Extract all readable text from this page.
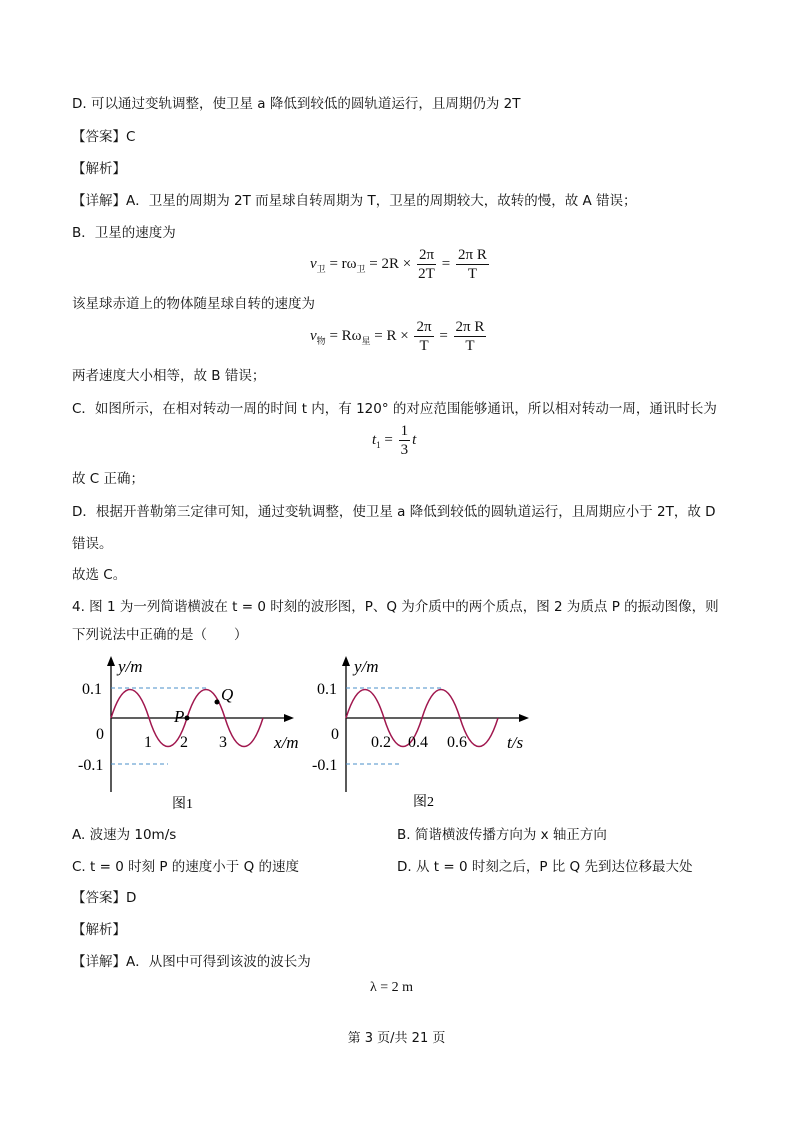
D. 可以通过变轨调整，使卫星 a 降低到较低的圆轨道运行，且周期仍为 2T
【答案】C
【解析】
【详解】A．卫星的周期为 2T 而星球自转周期为 T，卫星的周期较大，故转的慢，故 A 错误；
B．卫星的速度为
$v_卫 = r\omega_卫 = 2R \times \frac{2\pi}{2T} = \frac{\text{2π R}}{T}$
该星球赤道上的物体随星球自转的速度为
$v_物 = R\omega_星 = R \times \frac{2\pi}{T} = \frac{\text{2π R}}{T}$
两者速度大小相等，故 B 错误；
C．如图所示，在相对转动一周的时间 t 内，有 120° 的对应范围能够通讯，所以相对转动一周，通讯时长为
$t_1 = \frac{1}{3}$ t
故 C 正确；
D．根据开普勒第三定律可知，通过变轨调整，使卫星 a 降低到较低的圆轨道运行，且周期应小于 2T，故 D
错误。
故选 C。
4. 图 1 为一列简谐横波在 t = 0 时刻的波形图，P、Q 为介质中的两个质点，图 2 为质点 P 的振动图像，则
下列说法中正确的是（　　）
y/m
x/m
0.1
0
-0.1
1 2 3
P
Q
图1
y/m
t/s
0.1
0
-0.1
0.2 0.4 0.6
图2
A. 波速为 10m/s	B. 简谐横波传播方向为 x 轴正方向
C. t = 0 时刻 P 的速度小于 Q 的速度	D. 从 t = 0 时刻之后，P 比 Q 先到达位移最大处
【答案】D
【解析】
【详解】A．从图中可得到该波的波长为
λ = 2 m
第 3 页/共 21 页
